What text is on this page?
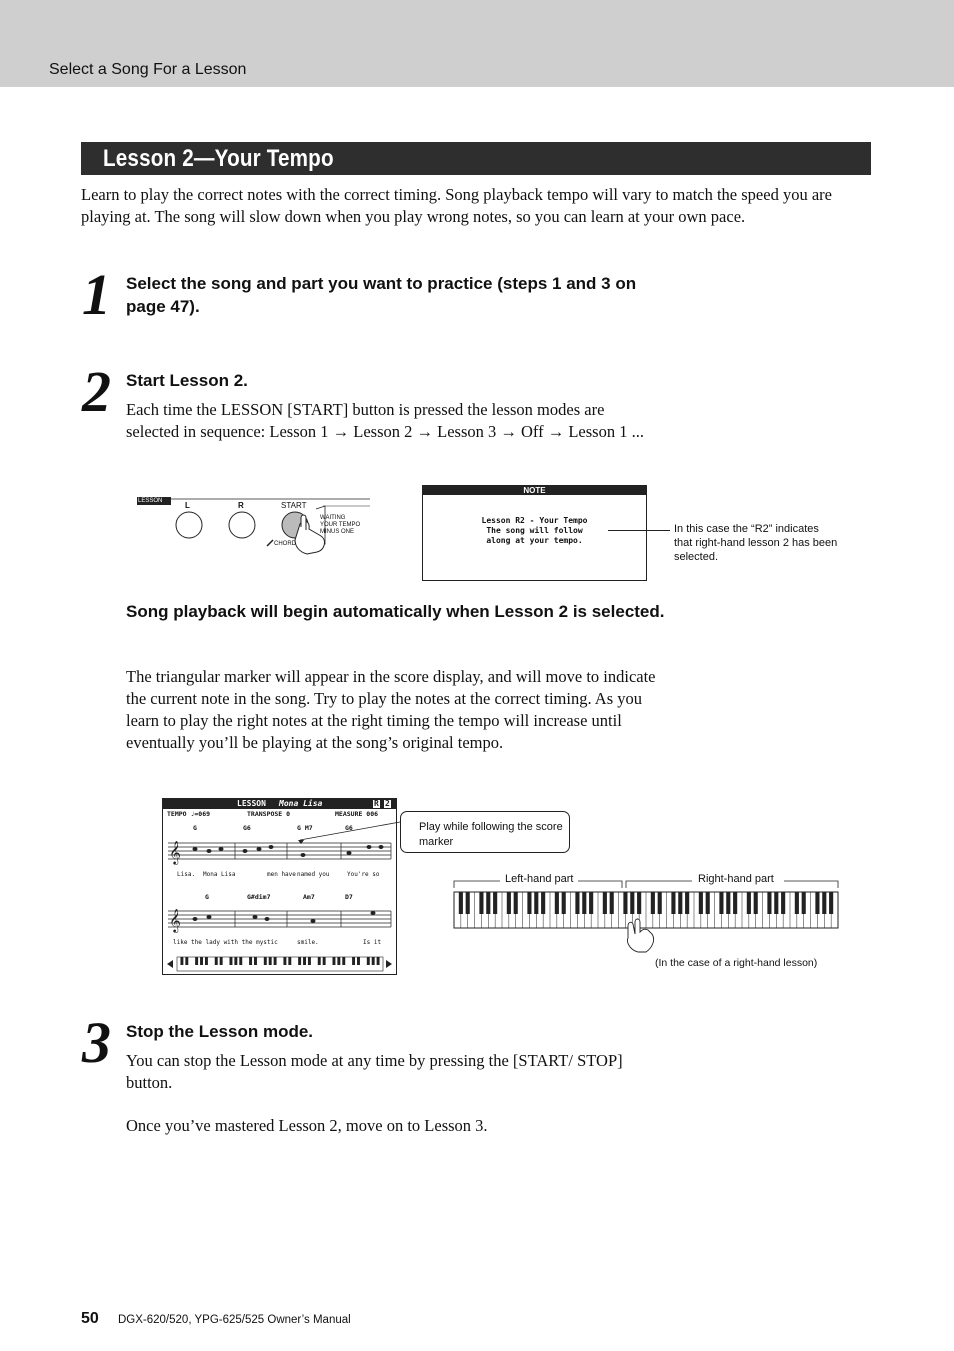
Select a Song For a Lesson
Lesson 2—Your Tempo
Learn to play the correct notes with the correct timing. Song playback tempo will vary to match the speed you are playing at. The song will slow down when you play wrong notes, so you can learn at your own pace.
1 Select the song and part you want to practice (steps 1 and 3 on page 47).
2 Start Lesson 2.
Each time the LESSON [START] button is pressed the lesson modes are selected in sequence: Lesson 1 → Lesson 2 → Lesson 3 → Off → Lesson 1 ...
LESSON	L	R	START
WAITING
YOUR TEMPO
MINUS ONE
CHORD
NOTE
Lesson R2 - Your Tempo
The song will follow
along at your tempo.
In this case the “R2” indicates that right-hand lesson 2 has been selected.
Song playback will begin automatically when Lesson 2 is selected.
The triangular marker will appear in the score display, and will move to indicate the current note in the song. Try to play the notes at the correct timing. As you learn to play the right notes at the right timing the tempo will increase until eventually you’ll be playing at the song’s original tempo.
LESSON Mona Lisa	R 2
TEMPO ♩=069	TRANSPOSE 0	MEASURE 006
G	G6	G M7	G6
𝄞
𝄞
Lisa. Mona Lisa	men have named you	You're so
G	G#dim7	Am7	D7
like the lady with the mystic	smile.	Is it
Play while following the score marker
Left-hand part	Right-hand part
(In the case of a right-hand lesson)
3 Stop the Lesson mode.
You can stop the Lesson mode at any time by pressing the [START/ STOP] button.
Once you’ve mastered Lesson 2, move on to Lesson 3.
50 DGX-620/520, YPG-625/525 Owner’s Manual
